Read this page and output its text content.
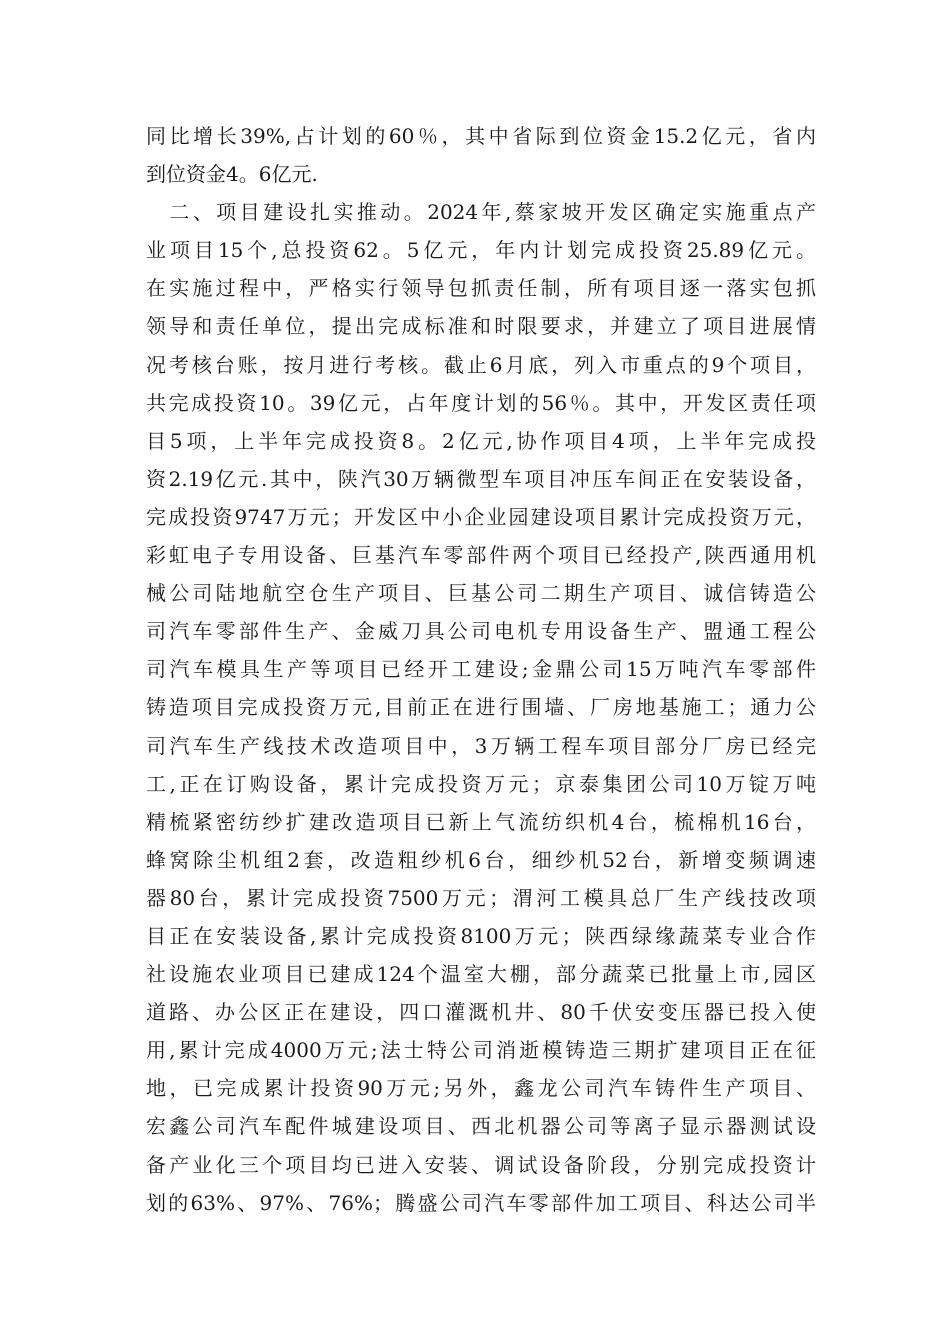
同比增长39%,占计划的60％，其中省际到位资金15.2亿元，省内
到位资金4。6亿元.
　二、项目建设扎实推动。2024年,蔡家坡开发区确定实施重点产
业项目15个,总投资62。5亿元，年内计划完成投资25.89亿元。
在实施过程中，严格实行领导包抓责任制，所有项目逐一落实包抓
领导和责任单位，提出完成标准和时限要求，并建立了项目进展情
况考核台账，按月进行考核。截止6月底，列入市重点的9个项目，
共完成投资10。39亿元，占年度计划的56％。其中，开发区责任项
目5项，上半年完成投资8。2亿元,协作项目4项，上半年完成投
资2.19亿元.其中，陕汽30万辆微型车项目冲压车间正在安装设备，
完成投资9747万元；开发区中小企业园建设项目累计完成投资万元，
彩虹电子专用设备、巨基汽车零部件两个项目已经投产,陕西通用机
械公司陆地航空仓生产项目、巨基公司二期生产项目、诚信铸造公
司汽车零部件生产、金威刀具公司电机专用设备生产、盟通工程公
司汽车模具生产等项目已经开工建设;金鼎公司15万吨汽车零部件
铸造项目完成投资万元,目前正在进行围墙、厂房地基施工；通力公
司汽车生产线技术改造项目中，3万辆工程车项目部分厂房已经完
工,正在订购设备，累计完成投资万元；京泰集团公司10万锭万吨
精梳紧密纺纱扩建改造项目已新上气流纺织机4台，梳棉机16台，
蜂窝除尘机组2套，改造粗纱机6台，细纱机52台，新增变频调速
器80台，累计完成投资7500万元；渭河工模具总厂生产线技改项
目正在安装设备,累计完成投资8100万元；陕西绿缘蔬菜专业合作
社设施农业项目已建成124个温室大棚，部分蔬菜已批量上市,园区
道路、办公区正在建设，四口灌溉机井、80千伏安变压器已投入使
用,累计完成4000万元;法士特公司消逝模铸造三期扩建项目正在征
地，已完成累计投资90万元;另外，鑫龙公司汽车铸件生产项目、
宏鑫公司汽车配件城建设项目、西北机器公司等离子显示器测试设
备产业化三个项目均已进入安装、调试设备阶段，分别完成投资计
划的63%、97%、76%；腾盛公司汽车零部件加工项目、科达公司半
